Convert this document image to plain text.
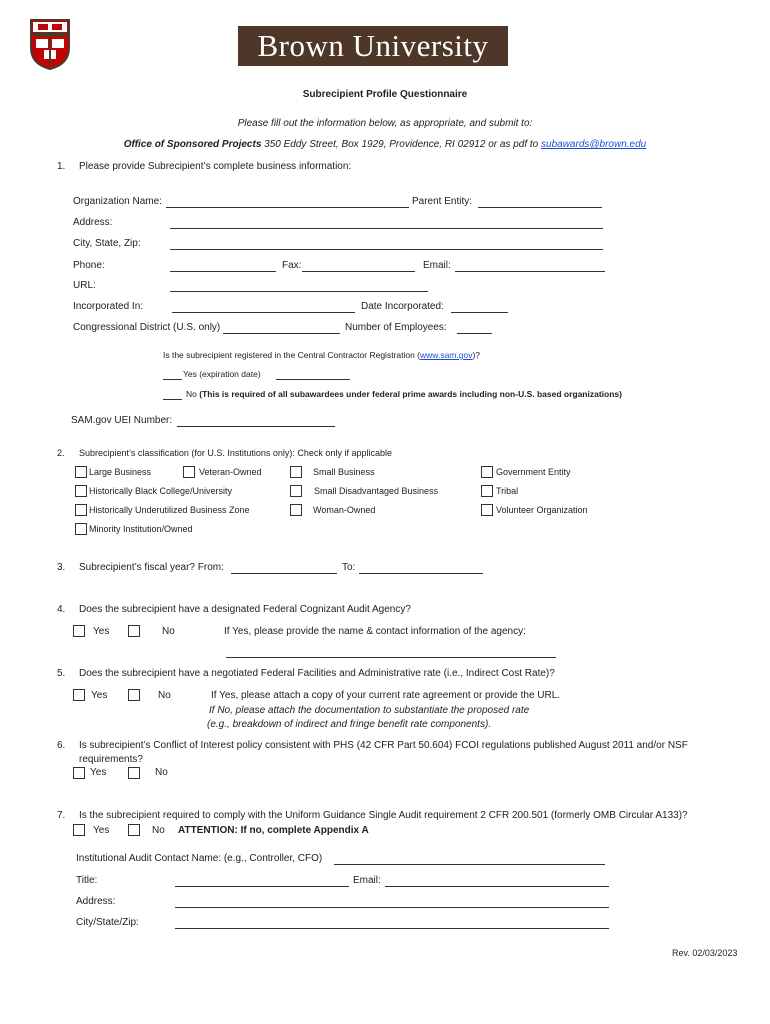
Brown University
Subrecipient Profile Questionnaire
Please fill out the information below, as appropriate, and submit to:
Office of Sponsored Projects 350 Eddy Street, Box 1929, Providence, RI 02912 or as pdf to subawards@brown.edu
1. Please provide Subrecipient’s complete business information:
Organization Name:	Parent Entity:
Address:
City, State, Zip:
Phone:	Fax:	Email:
URL:
Incorporated In:	Date Incorporated:
Congressional District (U.S. only)	Number of Employees:
Is the subrecipient registered in the Central Contractor Registration (www.sam.gov)?
Yes (expiration date)
No (This is required of all subawardees under federal prime awards including non-U.S. based organizations)
SAM.gov UEI Number:
2. Subrecipient’s classification (for U.S. Institutions only): Check only if applicable
Large Business	Veteran-Owned	Small Business	Government Entity
Historically Black College/University	Small Disadvantaged Business	Tribal
Historically Underutilized Business Zone	Woman-Owned	Volunteer Organization
Minority Institution/Owned
3. Subrecipient’s fiscal year? From:	To:
4. Does the subrecipient have a designated Federal Cognizant Audit Agency?
Yes	No	If Yes, please provide the name & contact information of the agency:
5. Does the subrecipient have a negotiated Federal Facilities and Administrative rate (i.e., Indirect Cost Rate)?
Yes	No	If Yes, please attach a copy of your current rate agreement or provide the URL.
If No, please attach the documentation to substantiate the proposed rate
(e.g., breakdown of indirect and fringe benefit rate components).
6. Is subrecipient’s Conflict of Interest policy consistent with PHS (42 CFR Part 50.604) FCOI regulations published August 2011 and/or NSF
requirements?
Yes	No
7. Is the subrecipient required to comply with the Uniform Guidance Single Audit requirement 2 CFR 200.501 (formerly OMB Circular A133)?
Yes	No ATTENTION: If no, complete Appendix A
Institutional Audit Contact Name: (e.g., Controller, CFO)
Title:	Email:
Address:
City/State/Zip:
Rev. 02/03/2023
